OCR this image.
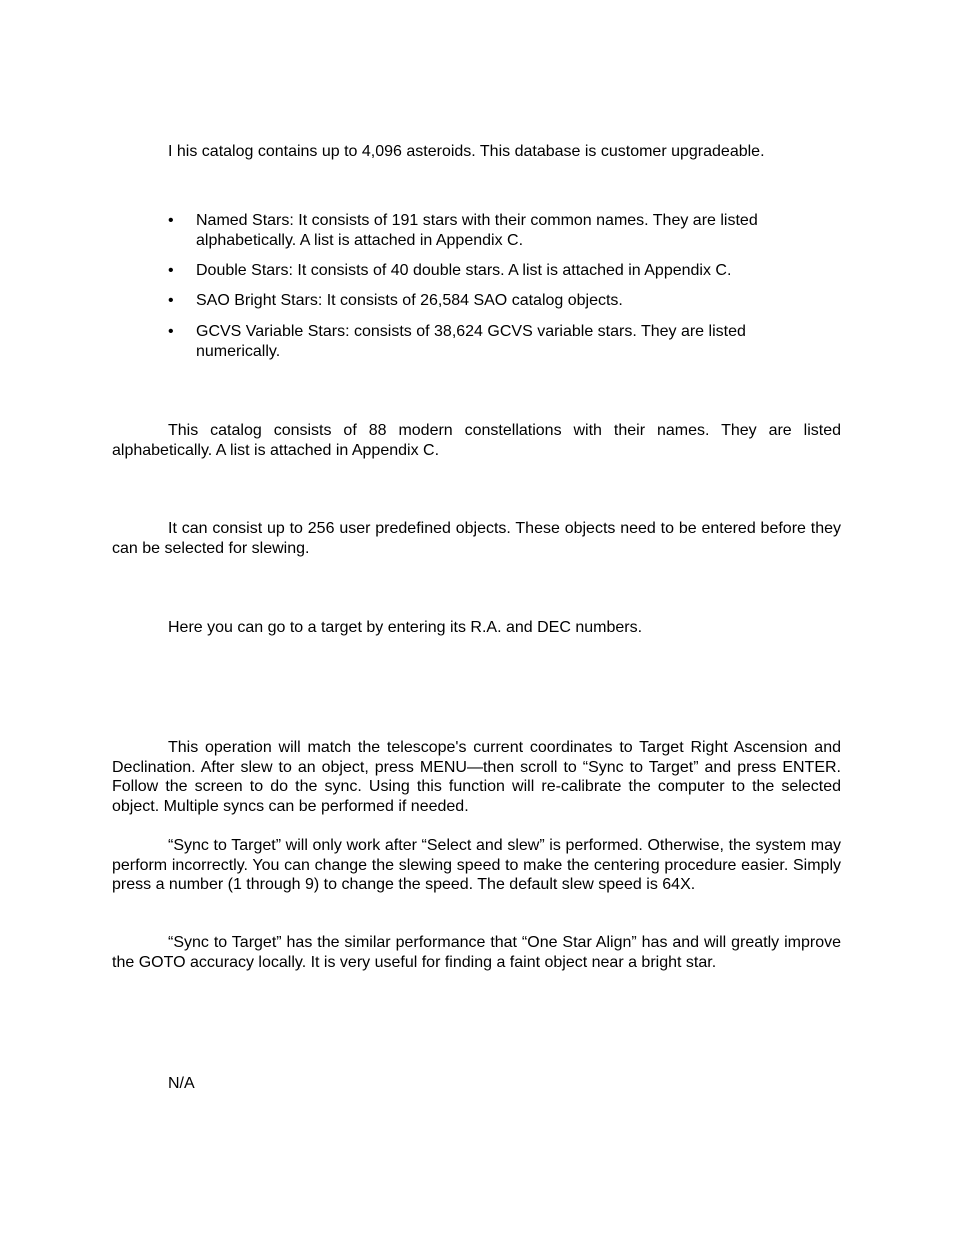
I his catalog contains up to 4,096 asteroids. This database is customer upgradeable.

•	Named Stars: It consists of 191 stars with their common names. They are listed alphabetically. A list is attached in Appendix C.
•	Double Stars: It consists of 40 double stars. A list is attached in Appendix C.
•	SAO Bright Stars: It consists of 26,584 SAO catalog objects.
•	GCVS Variable Stars: consists of 38,624 GCVS variable stars. They are listed numerically.

This catalog consists of 88 modern constellations with their names. They are listed alphabetically. A list is attached in Appendix C.

It can consist up to 256 user predefined objects. These objects need to be entered before they can be selected for slewing.

Here you can go to a target by entering its R.A. and DEC numbers.

This operation will match the telescope's current coordinates to Target Right Ascension and Declination. After slew to an object, press MENU—then scroll to “Sync to Target” and press ENTER. Follow the screen to do the sync. Using this function will re-calibrate the computer to the selected object. Multiple syncs can be performed if needed.

“Sync to Target” will only work after “Select and slew” is performed. Otherwise, the system may perform incorrectly. You can change the slewing speed to make the centering procedure easier. Simply press a number (1 through 9) to change the speed. The default slew speed is 64X.

“Sync to Target” has the similar performance that “One Star Align” has and will greatly improve the GOTO accuracy locally. It is very useful for finding a faint object near a bright star.

N/A
